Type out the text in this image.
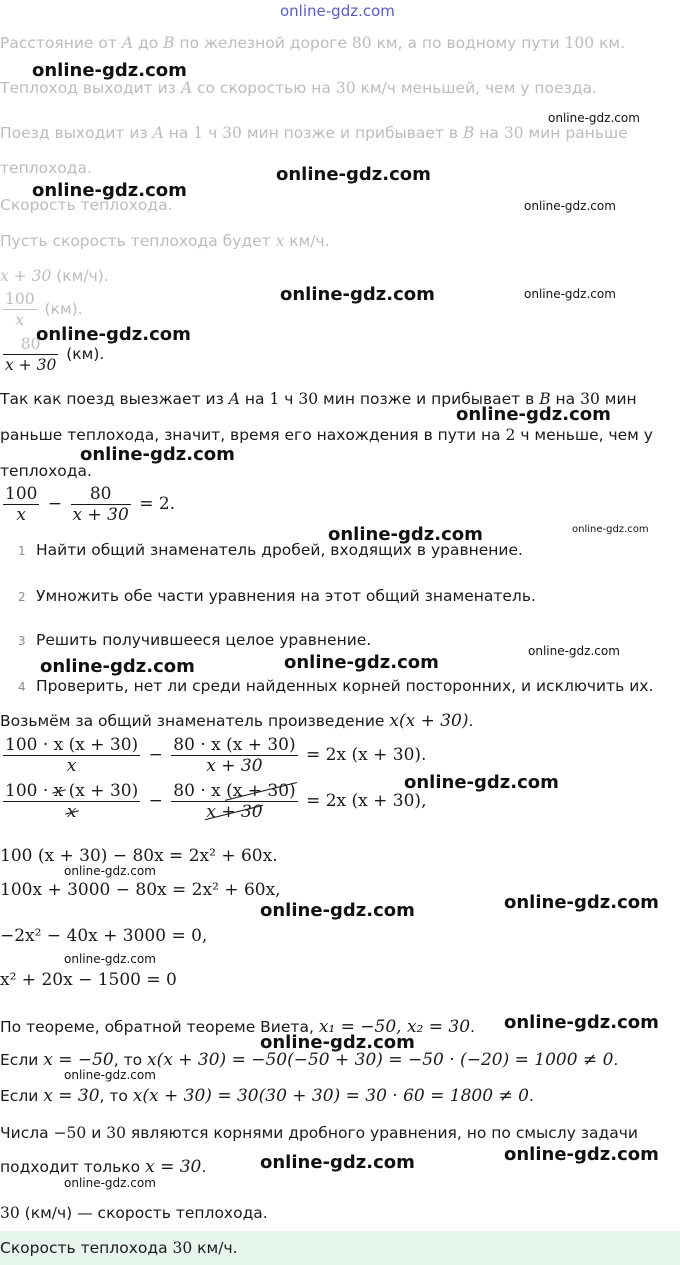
Расстояние от A до B по железной дороге 80 км, а по водному пути 100 км.
Теплоход выходит из A со скоростью на 30 км/ч меньшей, чем у поезда.
Поезд выходит из A на 1 ч 30 мин позже и прибывает в B на 30 мин раньше
теплохода.
Скорость теплохода.
Пусть скорость теплохода будет x км/ч.
x + 30 (км/ч).
$\frac{100}{x} (км)$.
$\frac{80}{x + 30} (км)$.
Так как поезд выезжает из A на 1 ч 30 мин позже и прибывает в B на 30 мин
раньше теплохода, значит, время его нахождения в пути на 2 ч меньше, чем у
теплохода.
$\frac{100}{x} - \frac{80}{x + 30} = 2$.
1 Найти общий знаменатель дробей, входящих в уравнение.
2 Умножить обе части уравнения на этот общий знаменатель.
3 Решить получившееся целое уравнение.
4 Проверить, нет ли среди найденных корней посторонних, и исключить их.
Возьмём за общий знаменатель произведение x(x + 30).
$\frac{100 \cdot x (x + 30)}{x} - \frac{80 \cdot x (x + 30)}{x + 30} = 2x$ (x + 30).
$\frac{100 \cdot x (x + 30)}{x} - \frac{80 \cdot x (x + 30)}{x + 30} = 2x$ (x + 30),
100 (x + 30) − 80x = 2x² + 60x.
100x + 3000 − 80x = 2x² + 60x,
−2x² − 40x + 3000 = 0,
x² + 20x − 1500 = 0
По теореме, обратной теореме Виета, x₁ = −50, x₂ = 30.
Если x = −50, то x(x + 30) = −50(−50 + 30) = −50 · (−20) = 1000 ≠ 0.
Если x = 30, то x(x + 30) = 30(30 + 30) = 30 · 60 = 1800 ≠ 0.
Числа −50 и 30 являются корнями дробного уравнения, но по смыслу задачи
подходит только x = 30.
30 (км/ч) — скорость теплохода.
Скорость теплохода 30 км/ч.
online-gdz.com
online-gdz.com
online-gdz.com
online-gdz.com
online-gdz.com
online-gdz.com
online-gdz.com	online-gdz.com
online-gdz.com
online-gdz.com
online-gdz.com
online-gdz.com	online-gdz.com
online-gdz.com
online-gdz.com	online-gdz.com
online-gdz.com
online-gdz.com
online-gdz.com
online-gdz.com
online-gdz.com
online-gdz.com
online-gdz.com
online-gdz.com
online-gdz.com
online-gdz.com
online-gdz.com
